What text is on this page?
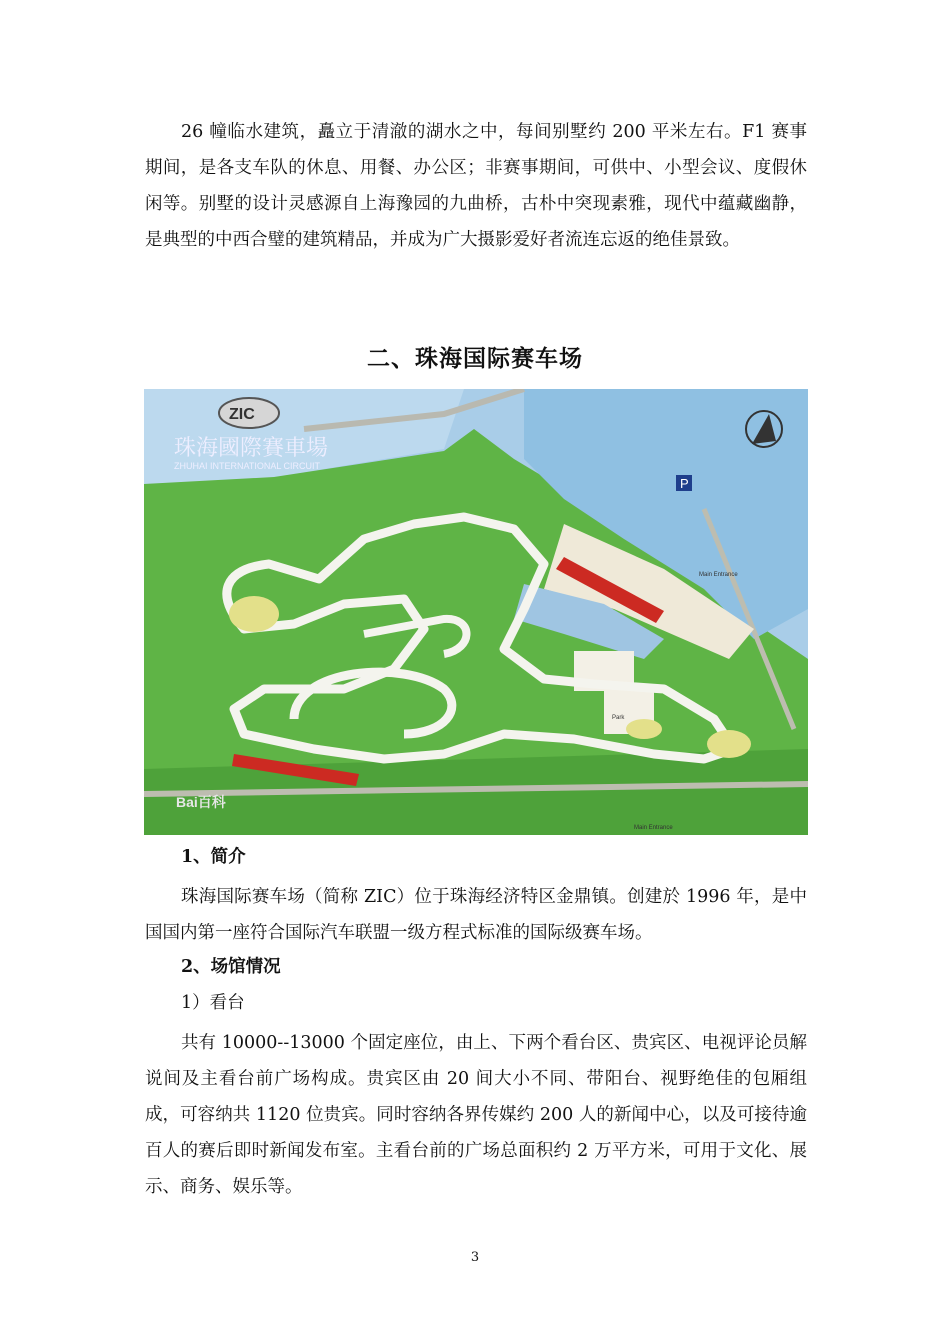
26 幢临水建筑，矗立于清澈的湖水之中，每间别墅约 200 平米左右。F1 赛事期间，是各支车队的休息、用餐、办公区；非赛事期间，可供中、小型会议、度假休闲等。别墅的设计灵感源自上海豫园的九曲桥，古朴中突现素雅，现代中蕴藏幽静，是典型的中西合璧的建筑精品，并成为广大摄影爱好者流连忘返的绝佳景致。

二、珠海国际赛车场
P
ZIC
珠海國際賽車場
ZHUHAI INTERNATIONAL CIRCUIT
Bai百科
Main Entrance
Main Entrance
Park

1、简介

珠海国际赛车场（简称 ZIC）位于珠海经济特区金鼎镇。创建於 1996 年，是中国国内第一座符合国际汽车联盟一级方程式标准的国际级赛车场。

2、场馆情况

1）看台

共有 10000--13000 个固定座位，由上、下两个看台区、贵宾区、电视评论员解说间及主看台前广场构成。贵宾区由 20 间大小不同、带阳台、视野绝佳的包厢组成，可容纳共 1120 位贵宾。同时容纳各界传媒约 200 人的新闻中心，以及可接待逾百人的赛后即时新闻发布室。主看台前的广场总面积约 2 万平方米，可用于文化、展示、商务、娱乐等。

3
